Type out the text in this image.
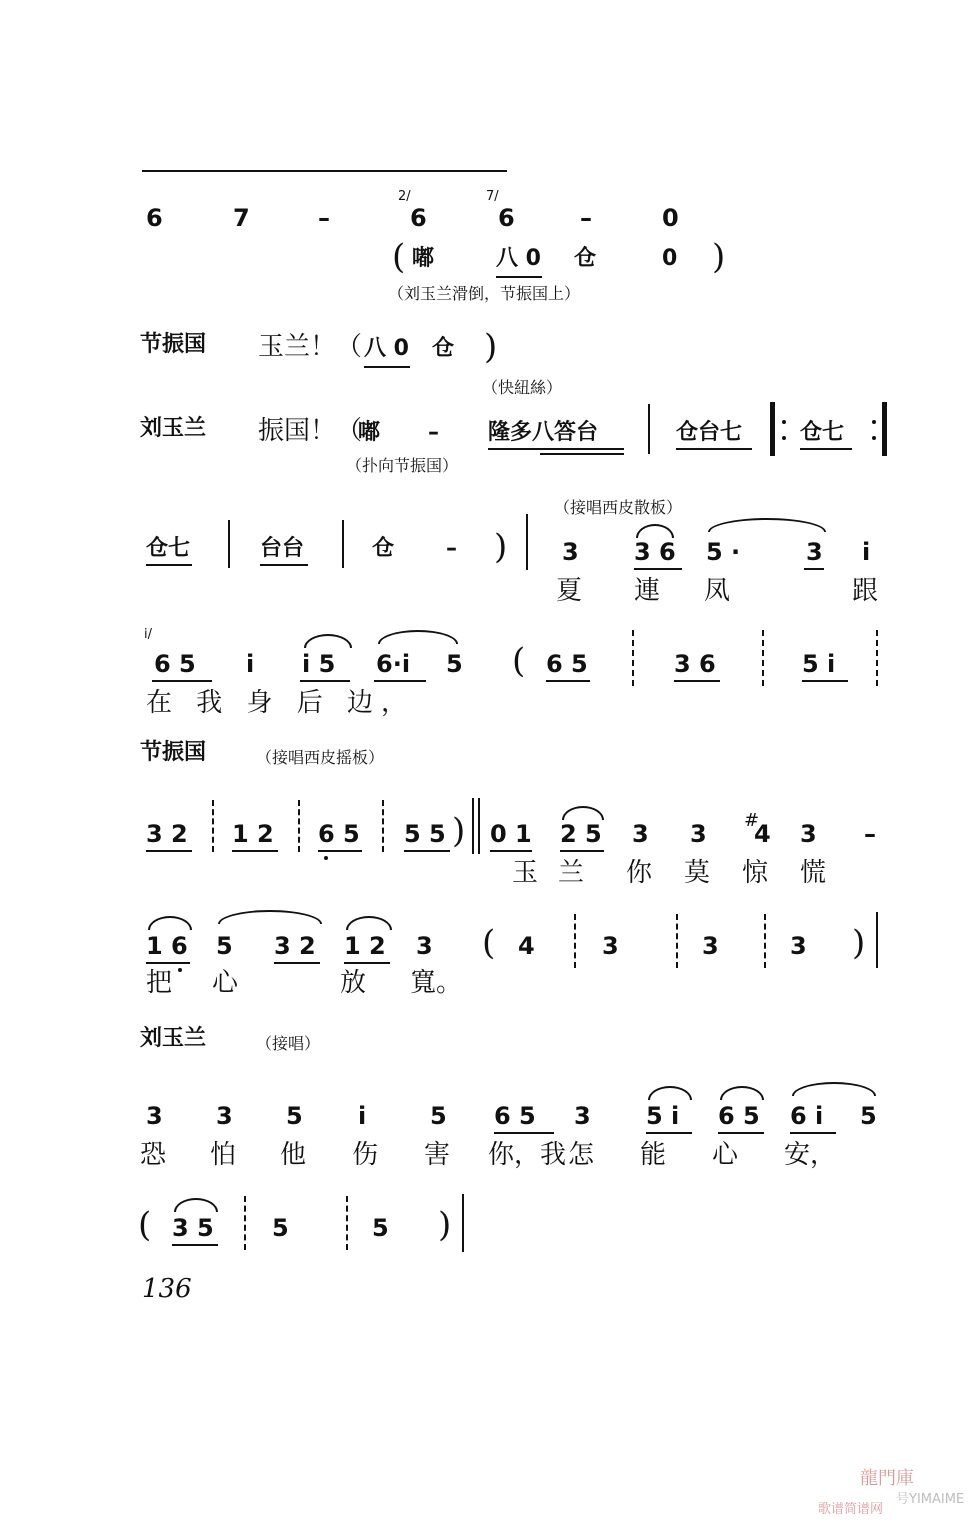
6	7	–
2/
6
7/
6	–	0
( 嘟	八 0 仓	0 )
（刘玉兰滑倒，节振国上）
节振国 玉兰！（ 八 0 仓 )
（快紐絲）
刘玉兰 振国！（
嘟 – 隆多八答台	仓台七	仓七
（扑向节振国）
（接唱西皮散板）
仓七	台台	仓 – ) 3 3 6 5 ·	3 i
夏 連 凤	跟
i/
6 5 i i 5 6·i 5 ( 6 5	3 6	5 i
在 我 身 后 边，
节振国	（接唱西皮摇板）
3 2 1 2 6 5 5 5 ) 0 1 2 5 3 3 #
4 3 –
玉 兰 你 莫 惊 慌
1 6 5 3 2 1 2 3 ( 4	3	3	3 )
把 心	放 寬。
刘玉兰	（接唱）
3 3 5 i	5 6 5 3 5 i 6 5 6 i 5
恐 怕 他 伤 害 你，我 怎 能 心 安，
( 3 5 5	5 )
136
龍門庫
歌谱简谱网
号YIMAIME
